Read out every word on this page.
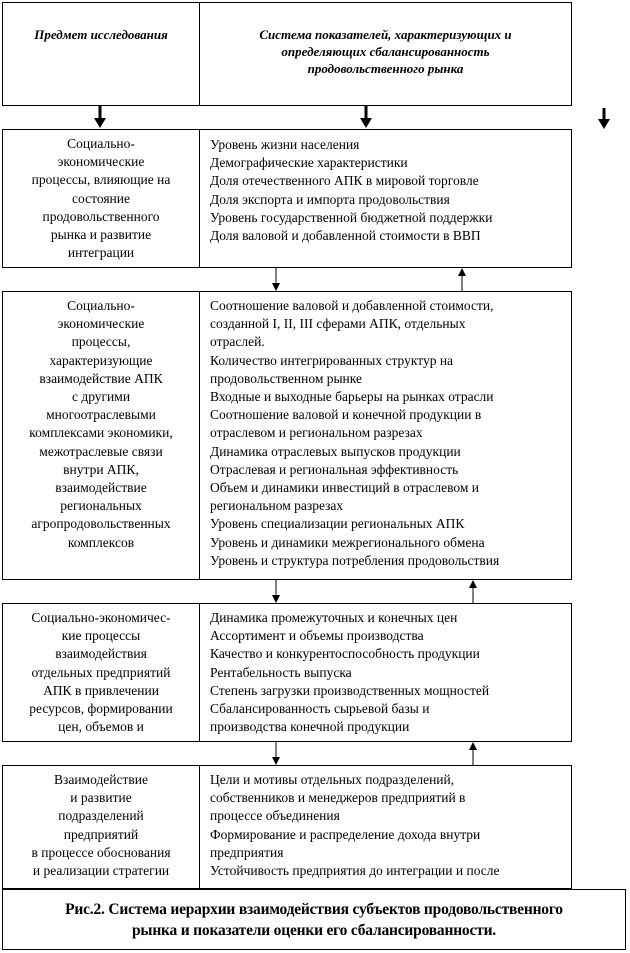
Предмет исследования	Система показателей, характеризующих и
определяющих сбалансированность
продовольственного рынка
Социально-
экономические
процессы, влияющие на
состояние
продовольственного
рынка и развитие
интеграции
Уровень жизни населения
Демографические характеристики
Доля отечественного АПК в мировой торговле
Доля экспорта и импорта продовольствия
Уровень государственной бюджетной поддержки
Доля валовой и добавленной стоимости в ВВП
Социально-
экономические
процессы,
характеризующие
взаимодействие АПК
с другими
многоотраслевыми
комплексами экономики,
межотраслевые связи
внутри АПК,
взаимодействие
региональных
агропродовольственных
комплексов
Соотношение валовой и добавленной стоимости,
созданной I, II, III сферами АПК, отдельных
отраслей.
Количество интегрированных структур на
продовольственном рынке
Входные и выходные барьеры на рынках отрасли
Соотношение валовой и конечной продукции в
отраслевом и региональном разрезах
Динамика отраслевых выпусков продукции
Отраслевая и региональная эффективность
Объем и динамики инвестиций в отраслевом и
региональном разрезах
Уровень специализации региональных АПК
Уровень и динамики межрегионального обмена
Уровень и структура потребления продовольствия
Социально-экономичес-
кие процессы
взаимодействия
отдельных предприятий
АПК в привлечении
ресурсов, формировании
цен, объемов и
Динамика промежуточных и конечных цен
Ассортимент и объемы производства
Качество и конкурентоспособность продукции
Рентабельность выпуска
Степень загрузки производственных мощностей
Сбалансированность сырьевой базы и
производства конечной продукции
Взаимодействие
и развитие
подразделений
предприятий
в процессе обоснования
и реализации стратегии
Цели и мотивы отдельных подразделений,
собственников и менеджеров предприятий в
процессе объединения
Формирование и распределение дохода внутри
предприятия
Устойчивость предприятия до интеграции и после
Рис.2. Система иерархии взаимодействия субъектов продовольственного
рынка и показатели оценки его сбалансированности.
